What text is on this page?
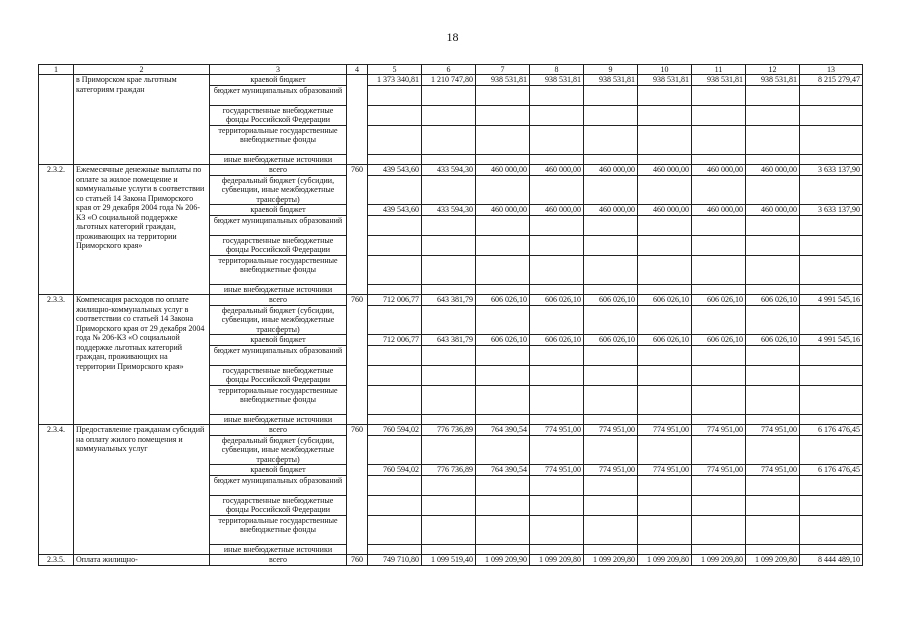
18
1	2	3	4	5	6	7	8	9	10	11	12	13
	в Приморском крае льготным категориям граждан	краевой бюджет		1 373 340,81	1 210 747,80	938 531,81	938 531,81	938 531,81	938 531,81	938 531,81	938 531,81	8 215 279,47
		бюджет муниципальных образований										
		государственные внебюджетные фонды Российской Федерации										
		территориальные государственные внебюджетные фонды										
		иные внебюджетные источники										
2.3.2.	Ежемесячные денежные выплаты по оплате за жилое помещение и коммунальные услуги в соответствии со статьей 14 Закона Приморского края от 29 декабря 2004 года № 206-КЗ «О социальной поддержке льготных категорий граждан, проживающих на территории Приморского края»	всего	760	439 543,60	433 594,30	460 000,00	460 000,00	460 000,00	460 000,00	460 000,00	460 000,00	3 633 137,90
		федеральный бюджет (субсидии, субвенции, иные межбюджетные трансферты)										
		краевой бюджет		439 543,60	433 594,30	460 000,00	460 000,00	460 000,00	460 000,00	460 000,00	460 000,00	3 633 137,90
		бюджет муниципальных образований										
		государственные внебюджетные фонды Российской Федерации										
		территориальные государственные внебюджетные фонды										
		иные внебюджетные источники										
2.3.3.	Компенсация расходов по оплате жилищно-коммунальных услуг в соответствии со статьей 14 Закона Приморского края от 29 декабря 2004 года № 206-КЗ «О социальной поддержке льготных категорий граждан, проживающих на территории Приморского края»	всего	760	712 006,77	643 381,79	606 026,10	606 026,10	606 026,10	606 026,10	606 026,10	606 026,10	4 991 545,16
		федеральный бюджет (субсидии, субвенции, иные межбюджетные трансферты)										
		краевой бюджет		712 006,77	643 381,79	606 026,10	606 026,10	606 026,10	606 026,10	606 026,10	606 026,10	4 991 545,16
		бюджет муниципальных образований										
		государственные внебюджетные фонды Российской Федерации										
		территориальные государственные внебюджетные фонды										
		иные внебюджетные источники										
2.3.4.	Предоставление гражданам субсидий на оплату жилого помещения и коммунальных услуг	всего	760	760 594,02	776 736,89	764 390,54	774 951,00	774 951,00	774 951,00	774 951,00	774 951,00	6 176 476,45
		федеральный бюджет (субсидии, субвенции, иные межбюджетные трансферты)										
		краевой бюджет		760 594,02	776 736,89	764 390,54	774 951,00	774 951,00	774 951,00	774 951,00	774 951,00	6 176 476,45
		бюджет муниципальных образований										
		государственные внебюджетные фонды Российской Федерации										
		территориальные государственные внебюджетные фонды										
		иные внебюджетные источники										
2.3.5.	Оплата жилищно-	всего	760	749 710,80	1 099 519,40	1 099 209,90	1 099 209,80	1 099 209,80	1 099 209,80	1 099 209,80	1 099 209,80	8 444 489,10
